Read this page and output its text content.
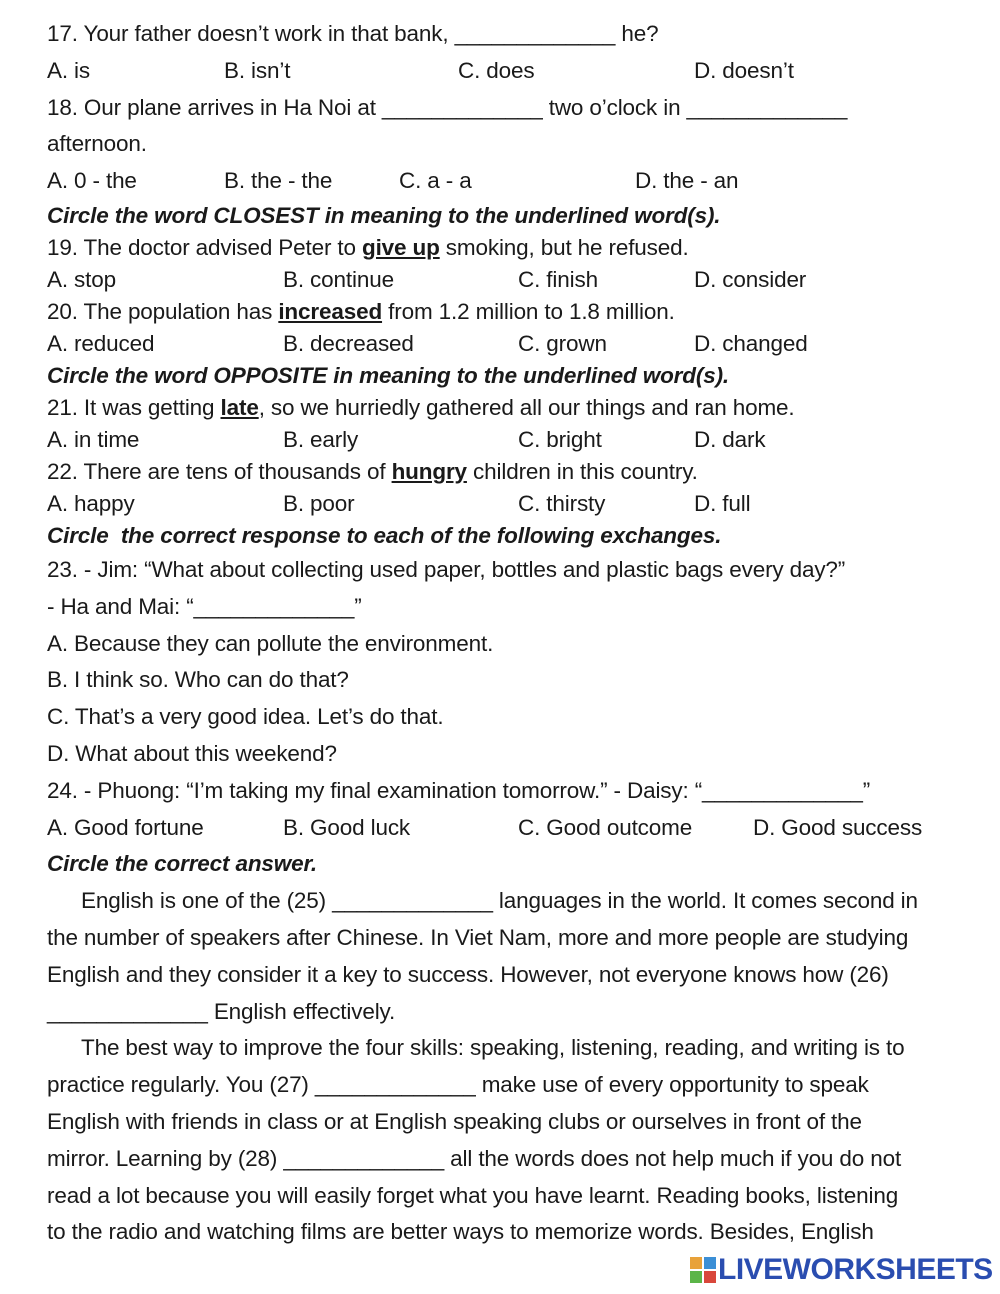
17. Your father doesn’t work in that bank, _____________ he?
A. is	B. isn’t	C. does	D. doesn’t
18. Our plane arrives in Ha Noi at _____________ two o’clock in _____________
afternoon.
A. 0 - the	B. the - the	C. a - a	D. the - an
Circle the word CLOSEST in meaning to the underlined word(s).
19. The doctor advised Peter to give up smoking, but he refused.
A. stop	B. continue	C. finish	D. consider
20. The population has increased from 1.2 million to 1.8 million.
A. reduced	B. decreased	C. grown	D. changed
Circle the word OPPOSITE in meaning to the underlined word(s).
21. It was getting late, so we hurriedly gathered all our things and ran home.
A. in time	B. early	C. bright	D. dark
22. There are tens of thousands of hungry children in this country.
A. happy	B. poor	C. thirsty	D. full
Circle  the correct response to each of the following exchanges.
23. - Jim: “What about collecting used paper, bottles and plastic bags every day?”
- Ha and Mai: “_____________”
A. Because they can pollute the environment.
B. I think so. Who can do that?
C. That’s a very good idea. Let’s do that.
D. What about this weekend?
24. - Phuong: “I’m taking my final examination tomorrow.” - Daisy: “_____________”
A. Good fortune	B. Good luck	C. Good outcome	D. Good success
Circle the correct answer.
English is one of the (25) _____________ languages in the world. It comes second in
the number of speakers after Chinese. In Viet Nam, more and more people are studying
English and they consider it a key to success. However, not everyone knows how (26)
_____________ English effectively.
The best way to improve the four skills: speaking, listening, reading, and writing is to
practice regularly. You (27) _____________ make use of every opportunity to speak
English with friends in class or at English speaking clubs or ourselves in front of the
mirror. Learning by (28) _____________ all the words does not help much if you do not
read a lot because you will easily forget what you have learnt. Reading books, listening
to the radio and watching films are better ways to memorize words. Besides, English
LIVEWORKSHEETS
